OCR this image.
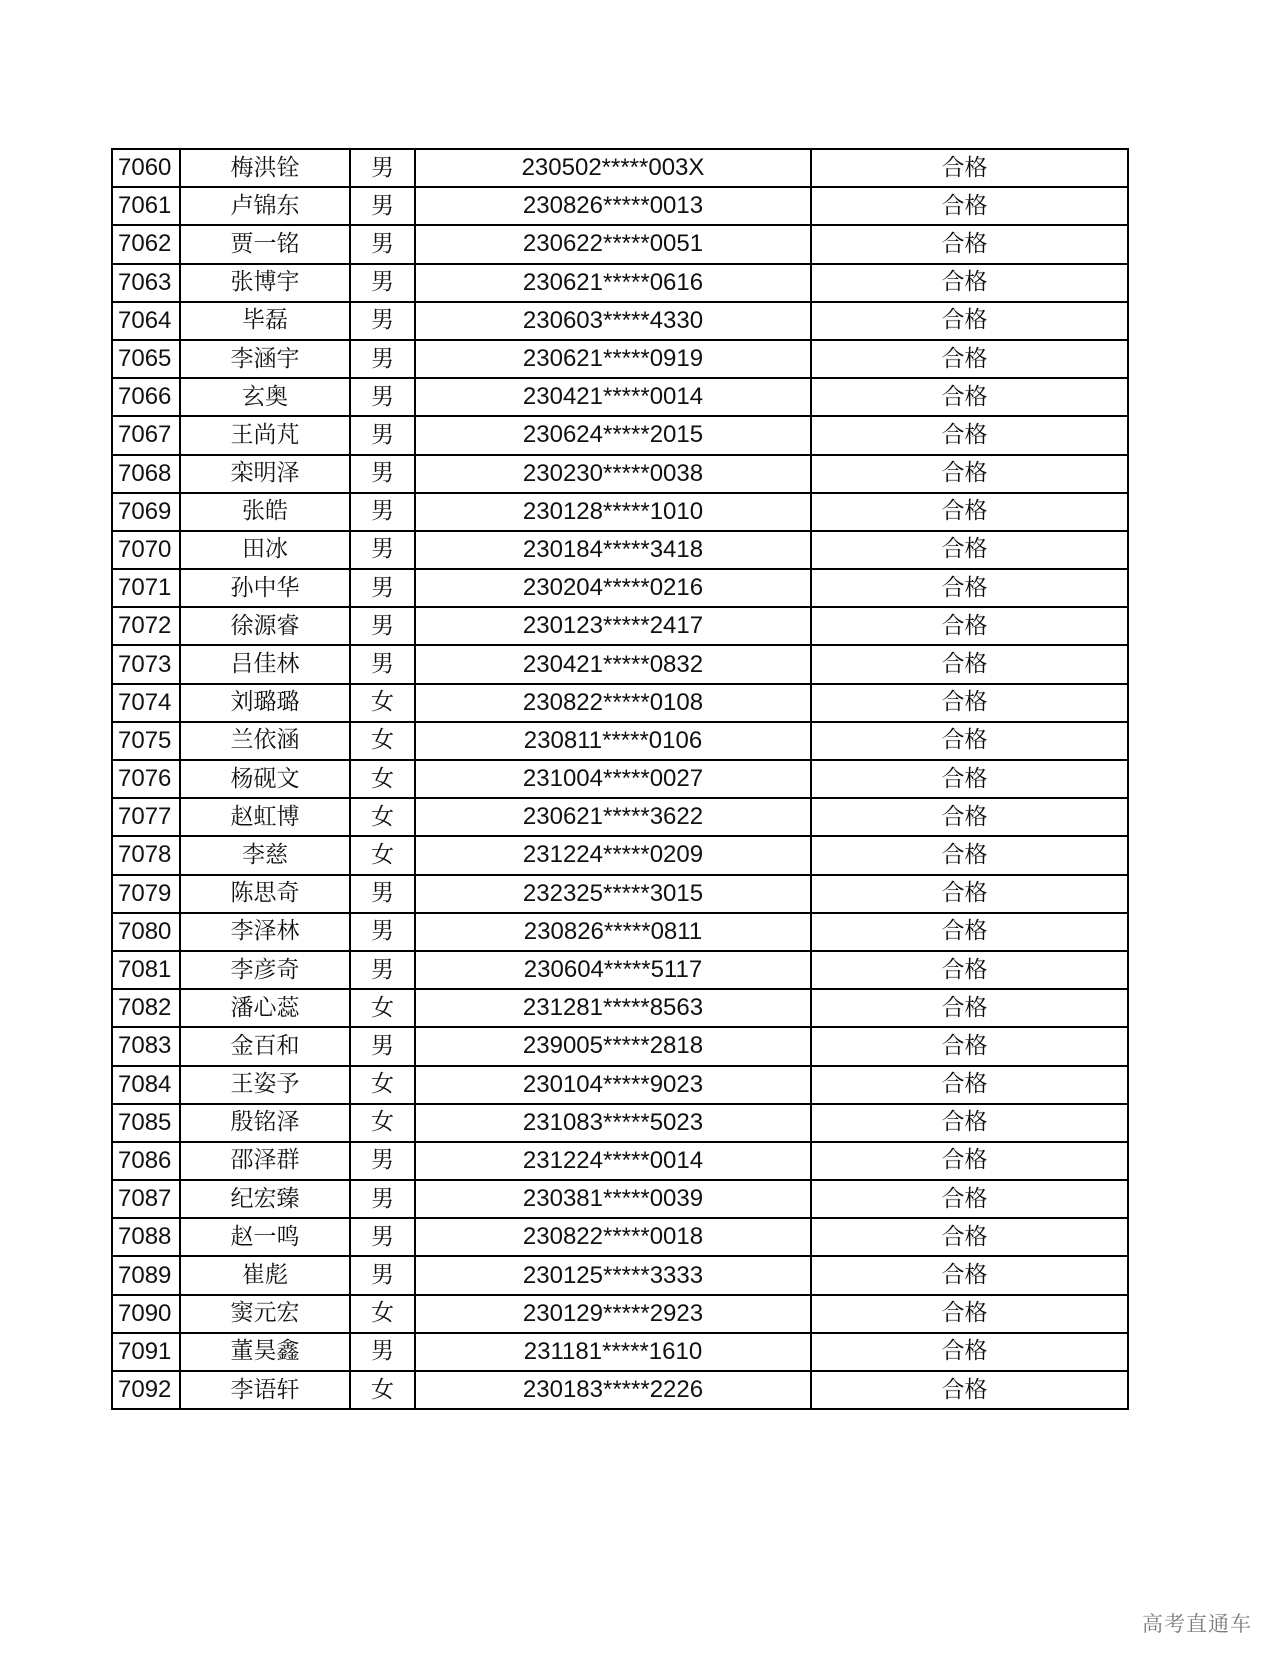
7060	梅洪铨	男	230502*****003X	合格
7061	卢锦东	男	230826*****0013	合格
7062	贾一铭	男	230622*****0051	合格
7063	张博宇	男	230621*****0616	合格
7064	毕磊	男	230603*****4330	合格
7065	李涵宇	男	230621*****0919	合格
7066	玄奥	男	230421*****0014	合格
7067	王尚芃	男	230624*****2015	合格
7068	栾明泽	男	230230*****0038	合格
7069	张皓	男	230128*****1010	合格
7070	田冰	男	230184*****3418	合格
7071	孙中华	男	230204*****0216	合格
7072	徐源睿	男	230123*****2417	合格
7073	吕佳林	男	230421*****0832	合格
7074	刘璐璐	女	230822*****0108	合格
7075	兰依涵	女	230811*****0106	合格
7076	杨砚文	女	231004*****0027	合格
7077	赵虹博	女	230621*****3622	合格
7078	李慈	女	231224*****0209	合格
7079	陈思奇	男	232325*****3015	合格
7080	李泽林	男	230826*****0811	合格
7081	李彦奇	男	230604*****5117	合格
7082	潘心蕊	女	231281*****8563	合格
7083	金百和	男	239005*****2818	合格
7084	王姿予	女	230104*****9023	合格
7085	殷铭泽	女	231083*****5023	合格
7086	邵泽群	男	231224*****0014	合格
7087	纪宏臻	男	230381*****0039	合格
7088	赵一鸣	男	230822*****0018	合格
7089	崔彪	男	230125*****3333	合格
7090	窦元宏	女	230129*****2923	合格
7091	董昊鑫	男	231181*****1610	合格
7092	李语轩	女	230183*****2226	合格
高考直通车
